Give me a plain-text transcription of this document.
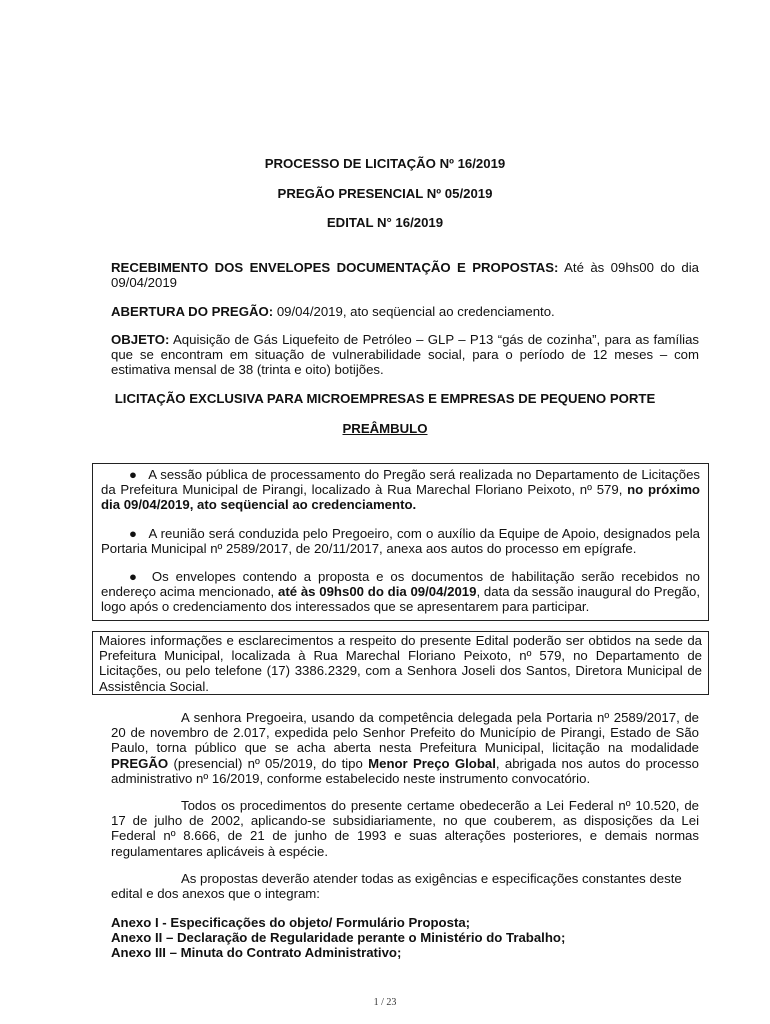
PROCESSO DE LICITAÇÃO Nº 16/2019
PREGÃO PRESENCIAL Nº 05/2019
EDITAL N° 16/2019
RECEBIMENTO DOS ENVELOPES DOCUMENTAÇÃO E PROPOSTAS: Até às 09hs00 do dia 09/04/2019
ABERTURA DO PREGÃO: 09/04/2019, ato seqüencial ao credenciamento.
OBJETO: Aquisição de Gás Liquefeito de Petróleo – GLP – P13 “gás de cozinha”, para as famílias que se encontram em situação de vulnerabilidade social, para o período de 12 meses – com estimativa mensal de 38 (trinta e oito) botijões.
LICITAÇÃO EXCLUSIVA PARA MICROEMPRESAS E EMPRESAS DE PEQUENO PORTE
PREÂMBULO

● A sessão pública de processamento do Pregão será realizada no Departamento de Licitações da Prefeitura Municipal de Pirangi, localizado à Rua Marechal Floriano Peixoto, nº 579, no próximo dia 09/04/2019, ato seqüencial ao credenciamento.

● A reunião será conduzida pelo Pregoeiro, com o auxílio da Equipe de Apoio, designados pela Portaria Municipal nº 2589/2017, de 20/11/2017, anexa aos autos do processo em epígrafe.

● Os envelopes contendo a proposta e os documentos de habilitação serão recebidos no endereço acima mencionado, até às 09hs00 do dia 09/04/2019, data da sessão inaugural do Pregão, logo após o credenciamento dos interessados que se apresentarem para participar.

Maiores informações e esclarecimentos a respeito do presente Edital poderão ser obtidos na sede da Prefeitura Municipal, localizada à Rua Marechal Floriano Peixoto, nº 579, no Departamento de Licitações, ou pelo telefone (17) 3386.2329, com a Senhora Joseli dos Santos, Diretora Municipal de Assistência Social.

A senhora Pregoeira, usando da competência delegada pela Portaria nº 2589/2017, de 20 de novembro de 2.017, expedida pelo Senhor Prefeito do Município de Pirangi, Estado de São Paulo, torna público que se acha aberta nesta Prefeitura Municipal, licitação na modalidade PREGÃO (presencial) nº 05/2019, do tipo Menor Preço Global, abrigada nos autos do processo administrativo nº 16/2019, conforme estabelecido neste instrumento convocatório.
Todos os procedimentos do presente certame obedecerão a Lei Federal nº 10.520, de 17 de julho de 2002, aplicando-se subsidiariamente, no que couberem, as disposições da Lei Federal nº 8.666, de 21 de junho de 1993 e suas alterações posteriores, e demais normas regulamentares aplicáveis à espécie.
As propostas deverão atender todas as exigências e especificações constantes deste edital e dos anexos que o integram:
Anexo I - Especificações do objeto/ Formulário Proposta;
Anexo II – Declaração de Regularidade perante o Ministério do Trabalho;
Anexo III – Minuta do Contrato Administrativo;
1 / 23
